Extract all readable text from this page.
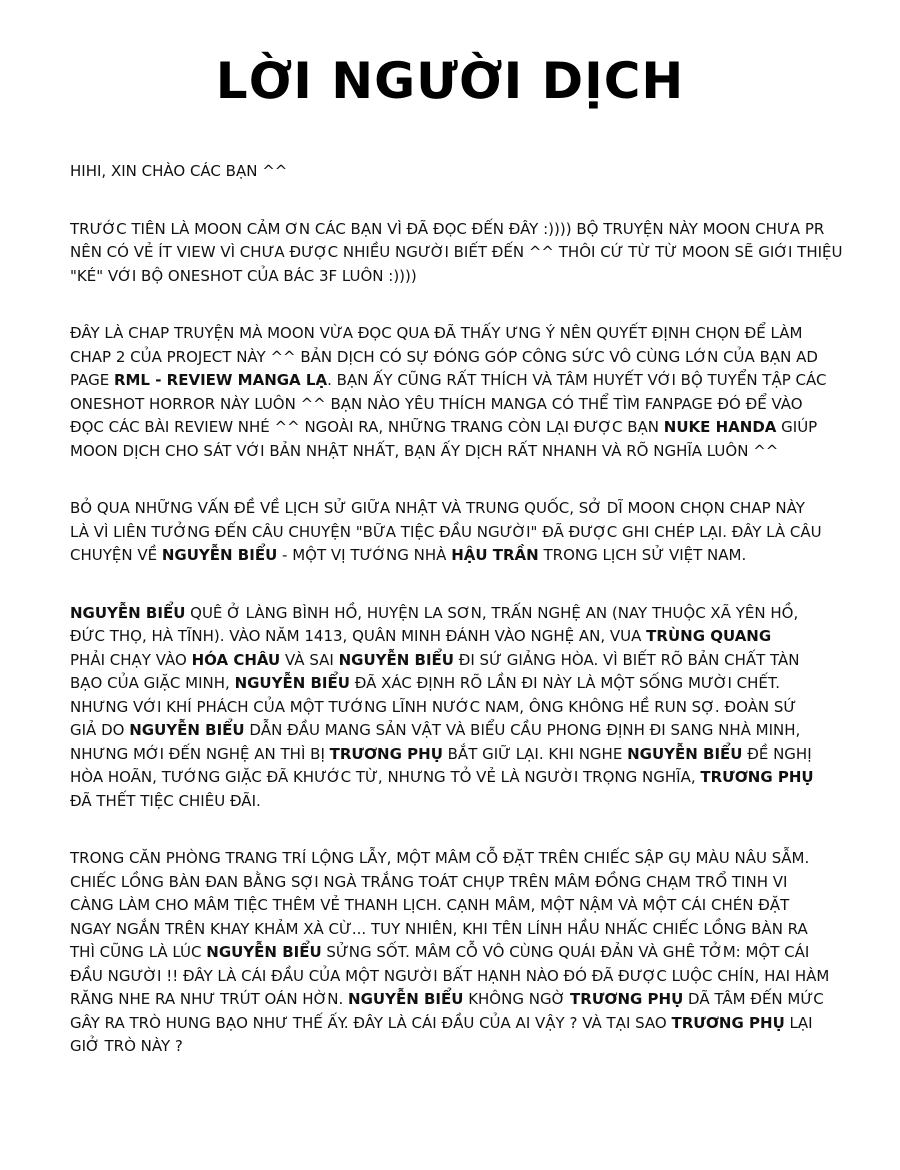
LỜI NGƯỜI DỊCH
HIHI, XIN CHÀO CÁC BẠN ^^
TRƯỚC TIÊN LÀ MOON CẢM ƠN CÁC BẠN VÌ ĐÃ ĐỌC ĐẾN ĐÂY :)))) BỘ TRUYỆN NÀY MOON CHƯA PR
NÊN CÓ VẺ ÍT VIEW VÌ CHƯA ĐƯỢC NHIỀU NGƯỜI BIẾT ĐẾN ^^ THÔI CỨ TỪ TỪ MOON SẼ GIỚI THIỆU
"KÉ" VỚI BỘ ONESHOT CỦA BÁC 3F LUÔN :))))
ĐÂY LÀ CHAP TRUYỆN MÀ MOON VỪA ĐỌC QUA ĐÃ THẤY ƯNG Ý NÊN QUYẾT ĐỊNH CHỌN ĐỂ LÀM
CHAP 2 CỦA PROJECT NÀY ^^ BẢN DỊCH CÓ SỰ ĐÓNG GÓP CÔNG SỨC VÔ CÙNG LỚN CỦA BẠN AD
PAGE RML - REVIEW MANGA LẠ. BẠN ẤY CŨNG RẤT THÍCH VÀ TÂM HUYẾT VỚI BỘ TUYỂN TẬP CÁC
ONESHOT HORROR NÀY LUÔN ^^ BẠN NÀO YÊU THÍCH MANGA CÓ THỂ TÌM FANPAGE ĐÓ ĐỂ VÀO
ĐỌC CÁC BÀI REVIEW NHÉ ^^ NGOÀI RA, NHỮNG TRANG CÒN LẠI ĐƯỢC BẠN NUKE HANDA GIÚP
MOON DỊCH CHO SÁT VỚI BẢN NHẬT NHẤT, BẠN ẤY DỊCH RẤT NHANH VÀ RÕ NGHĨA LUÔN ^^
BỎ QUA NHỮNG VẤN ĐỀ VỀ LỊCH SỬ GIỮA NHẬT VÀ TRUNG QUỐC, SỞ DĨ MOON CHỌN CHAP NÀY
LÀ VÌ LIÊN TƯỞNG ĐẾN CÂU CHUYỆN "BỮA TIỆC ĐẦU NGƯỜI" ĐÃ ĐƯỢC GHI CHÉP LẠI. ĐÂY LÀ CÂU
CHUYỆN VỀ NGUYỄN BIỂU - MỘT VỊ TƯỚNG NHÀ HẬU TRẦN TRONG LỊCH SỬ VIỆT NAM.
NGUYỄN BIỂU QUÊ Ở LÀNG BÌNH HỒ, HUYỆN LA SƠN, TRẤN NGHỆ AN (NAY THUỘC XÃ YÊN HỒ,
ĐỨC THỌ, HÀ TĨNH). VÀO NĂM 1413, QUÂN MINH ĐÁNH VÀO NGHỆ AN, VUA TRÙNG QUANG
PHẢI CHẠY VÀO HÓA CHÂU VÀ SAI NGUYỄN BIỂU ĐI SỨ GIẢNG HÒA. VÌ BIẾT RÕ BẢN CHẤT TÀN
BẠO CỦA GIẶC MINH, NGUYỄN BIỂU ĐÃ XÁC ĐỊNH RÕ LẦN ĐI NÀY LÀ MỘT SỐNG MƯỜI CHẾT.
NHƯNG VỚI KHÍ PHÁCH CỦA MỘT TƯỚNG LĨNH NƯỚC NAM, ÔNG KHÔNG HỀ RUN SỢ. ĐOÀN SỨ
GIẢ DO NGUYỄN BIỂU DẪN ĐẦU MANG SẢN VẬT VÀ BIỂU CẦU PHONG ĐỊNH ĐI SANG NHÀ MINH,
NHƯNG MỚI ĐẾN NGHỆ AN THÌ BỊ TRƯƠNG PHỤ BẮT GIỮ LẠI. KHI NGHE NGUYỄN BIỂU ĐỀ NGHỊ
HÒA HOÃN, TƯỚNG GIẶC ĐÃ KHƯỚC TỪ, NHƯNG TỎ VẺ LÀ NGƯỜI TRỌNG NGHĨA, TRƯƠNG PHỤ
ĐÃ THẾT TIỆC CHIÊU ĐÃI.
TRONG CĂN PHÒNG TRANG TRÍ LỘNG LẪY, MỘT MÂM CỖ ĐẶT TRÊN CHIẾC SẬP GỤ MÀU NÂU SẪM.
CHIẾC LỒNG BÀN ĐAN BẰNG SỢI NGÀ TRẮNG TOÁT CHỤP TRÊN MÂM ĐỒNG CHẠM TRỔ TINH VI
CÀNG LÀM CHO MÂM TIỆC THÊM VẺ THANH LỊCH. CẠNH MÂM, MỘT NẬM VÀ MỘT CÁI CHÉN ĐẶT
NGAY NGẮN TRÊN KHAY KHẢM XÀ CỪ... TUY NHIÊN, KHI TÊN LÍNH HẦU NHẤC CHIẾC LỒNG BÀN RA
THÌ CŨNG LÀ LÚC NGUYỄN BIỂU SỬNG SỐT. MÂM CỖ VÔ CÙNG QUÁI ĐẢN VÀ GHÊ TỞM: MỘT CÁI
ĐẦU NGƯỜI !! ĐÂY LÀ CÁI ĐẦU CỦA MỘT NGƯỜI BẤT HẠNH NÀO ĐÓ ĐÃ ĐƯỢC LUỘC CHÍN, HAI HÀM
RĂNG NHE RA NHƯ TRÚT OÁN HỜN. NGUYỄN BIỂU KHÔNG NGỜ TRƯƠNG PHỤ DÃ TÂM ĐẾN MỨC
GÂY RA TRÒ HUNG BẠO NHƯ THẾ ẤY. ĐÂY LÀ CÁI ĐẦU CỦA AI VẬY ? VÀ TẠI SAO TRƯƠNG PHỤ LẠI
GIỞ TRÒ NÀY ?
